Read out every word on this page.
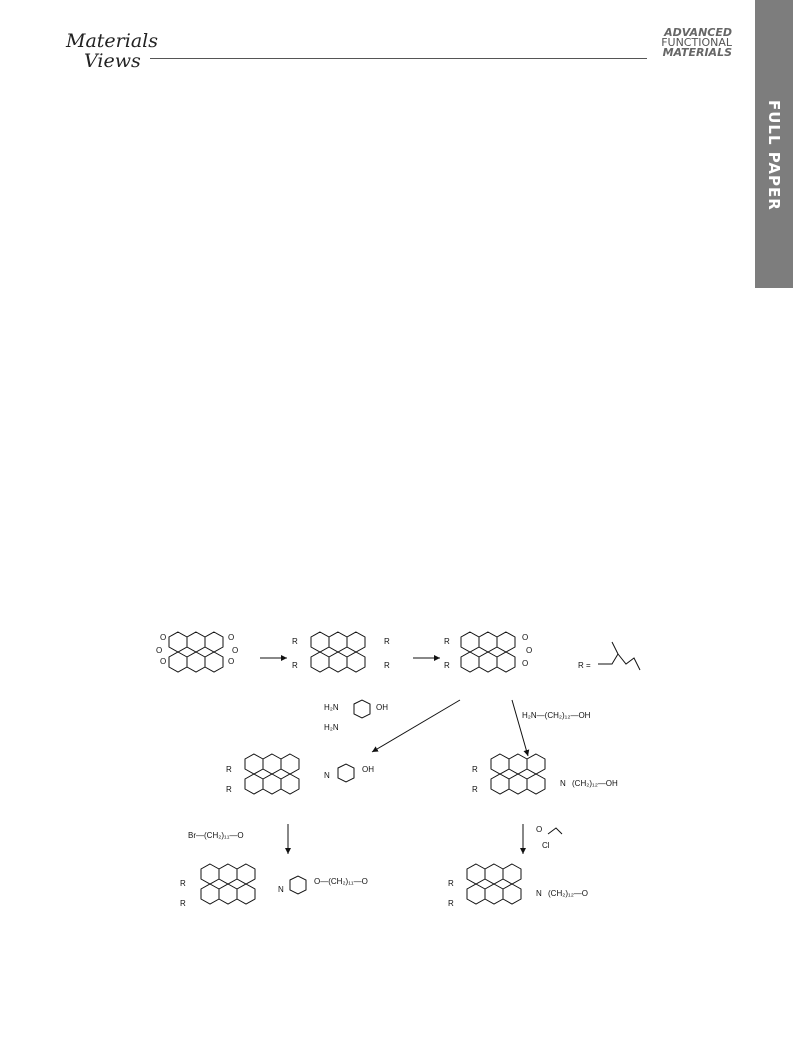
Materials
Views
ADVANCED
FUNCTIONAL
MATERIALS
FULL PAPER
O
O
O
O
O
O
R
R
R
R
R
R
O
O
O	R =
H₂N
H₂N
OH
H₂N—(CH₂)₁₂—OH
R
R
N
OH	R
R
N (CH₂)₁₂—OH
Br—(CH₂)₁₁—O
O
Cl
R
R
N
O—(CH₂)₁₁—O	R
R
N (CH₂)₁₂—O
